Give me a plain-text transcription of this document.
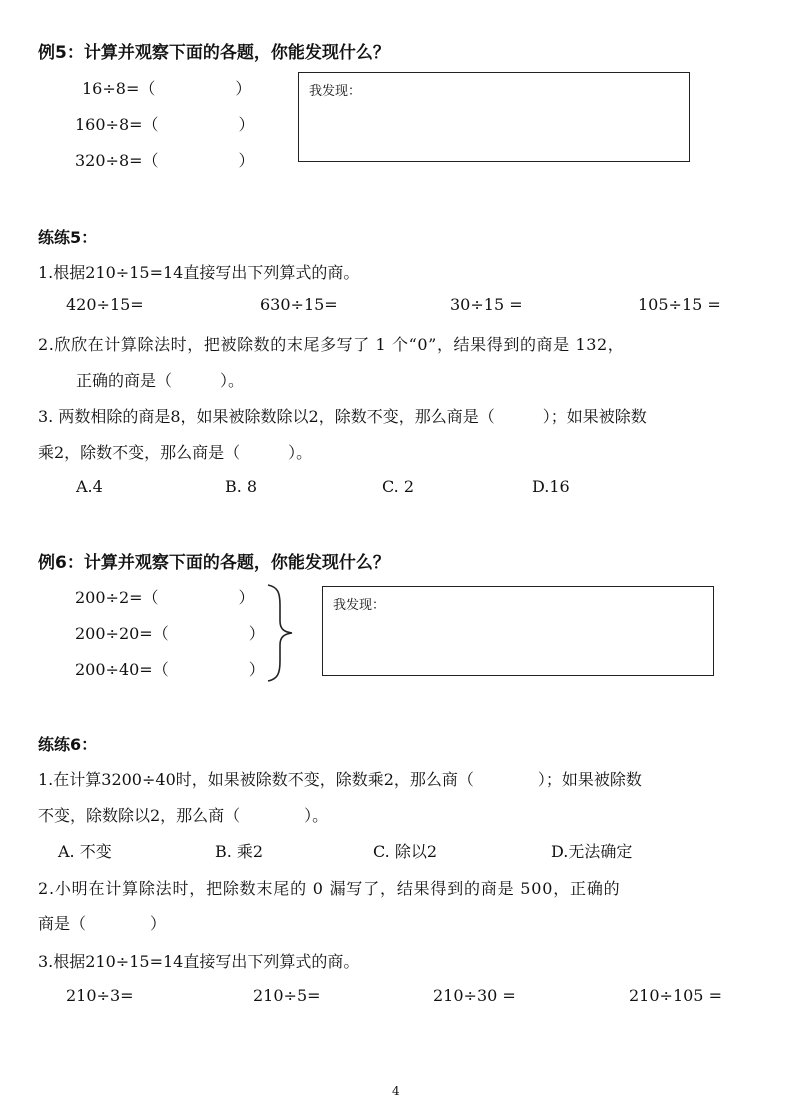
例5：计算并观察下面的各题，你能发现什么？
16÷8=（　　　　　）
160÷8=（　　　　　）
320÷8=（　　　　　）
我发现：
练练5：
1.根据210÷15=14直接写出下列算式的商。
420÷15=	630÷15=	30÷15 =	105÷15 =
2.欣欣在计算除法时，把被除数的末尾多写了 1 个“0”，结果得到的商是 132，
正确的商是（　　　）。
3. 两数相除的商是8，如果被除数除以2，除数不变，那么商是（　　　）；如果被除数
乘2，除数不变，那么商是（　　　）。
A.4	B. 8	C. 2	D.16
例6：计算并观察下面的各题，你能发现什么？
200÷2=（　　　　　）
200÷20=（　　　　　）
200÷40=（　　　　　）
我发现：
练练6：
1.在计算3200÷40时，如果被除数不变，除数乘2，那么商（　　　　）；如果被除数
不变，除数除以2，那么商（　　　　）。
A. 不变	B. 乘2	C. 除以2	D.无法确定
2.小明在计算除法时，把除数末尾的 0 漏写了，结果得到的商是 500，正确的
商是（　　　　）
3.根据210÷15=14直接写出下列算式的商。
210÷3=	210÷5=	210÷30 =	210÷105 =
4
